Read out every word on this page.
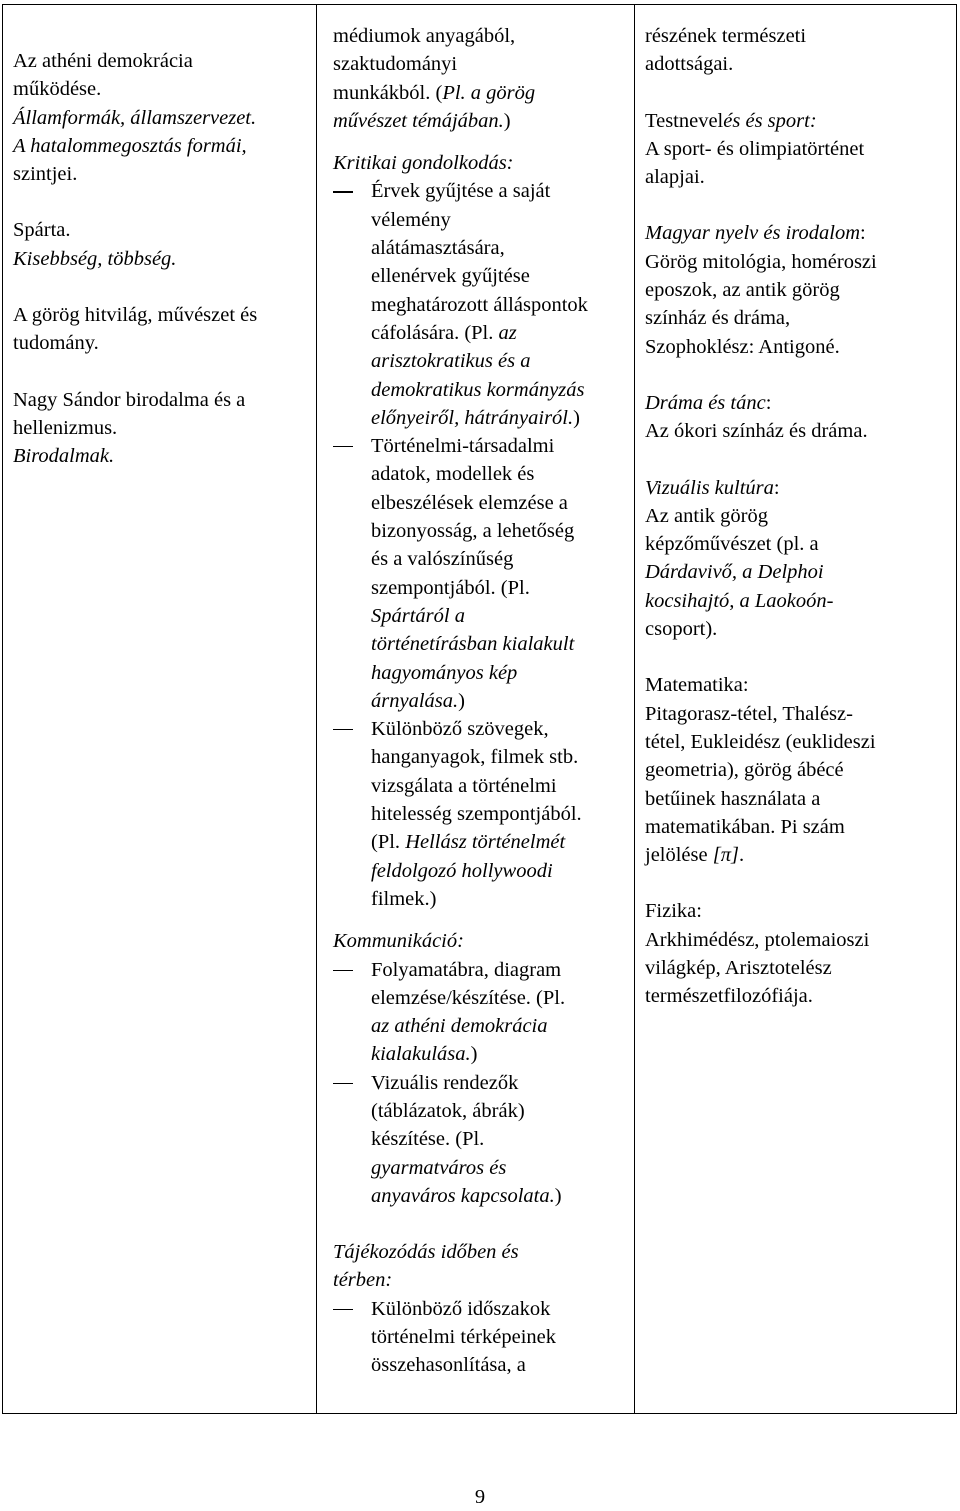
Az athéni demokrácia
működése.
Államformák, államszervezet.
A hatalommegosztás formái,
szintjei.
Spárta.
Kisebbség, többség.
A görög hitvilág, művészet és
tudomány.
Nagy Sándor birodalma és a
hellenizmus.
Birodalmak.

médiumok anyagából,
szaktudományi
munkákból. (Pl. a görög
művészet témájában.)
Kritikai gondolkodás:
Érvek gyűjtése a saját
vélemény
alátámasztására,
ellenérvek gyűjtése
meghatározott álláspontok
cáfolására. (Pl. az
arisztokratikus és a
demokratikus kormányzás
előnyeiről, hátrányairól.)
Történelmi-társadalmi
adatok, modellek és
elbeszélések elemzése a
bizonyosság, a lehetőség
és a valószínűség
szempontjából. (Pl.
Spártáról a
történetírásban kialakult
hagyományos kép
árnyalása.)
Különböző szövegek,
hanganyagok, filmek stb.
vizsgálata a történelmi
hitelesség szempontjából.
(Pl. Hellász történelmét
feldolgozó hollywoodi
filmek.)
Kommunikáció:
Folyamatábra, diagram
elemzése/készítése. (Pl.
az athéni demokrácia
kialakulása.)
Vizuális rendezők
(táblázatok, ábrák)
készítése. (Pl.
gyarmatváros és
anyaváros kapcsolata.)
Tájékozódás időben és
térben:
Különböző időszakok
történelmi térképeinek
összehasonlítása, a

részének természeti
adottságai.
Testnevelés és sport:
A sport- és olimpiatörténet
alapjai.
Magyar nyelv és irodalom:
Görög mitológia, homéroszi
eposzok, az antik görög
színház és dráma,
Szophoklész: Antigoné.
Dráma és tánc:
Az ókori színház és dráma.
Vizuális kultúra:
Az antik görög
képzőművészet (pl. a
Dárdavivő, a Delphoi
kocsihajtó, a Laokoón-
csoport).
Matematika:
Pitagorasz-tétel, Thalész-
tétel, Eukleidész (euklideszi
geometria), görög ábécé
betűinek használata a
matematikában. Pi szám
jelölése [π].
Fizika:
Arkhimédész, ptolemaioszi
világkép, Arisztotelész
természetfilozófiája.
9
